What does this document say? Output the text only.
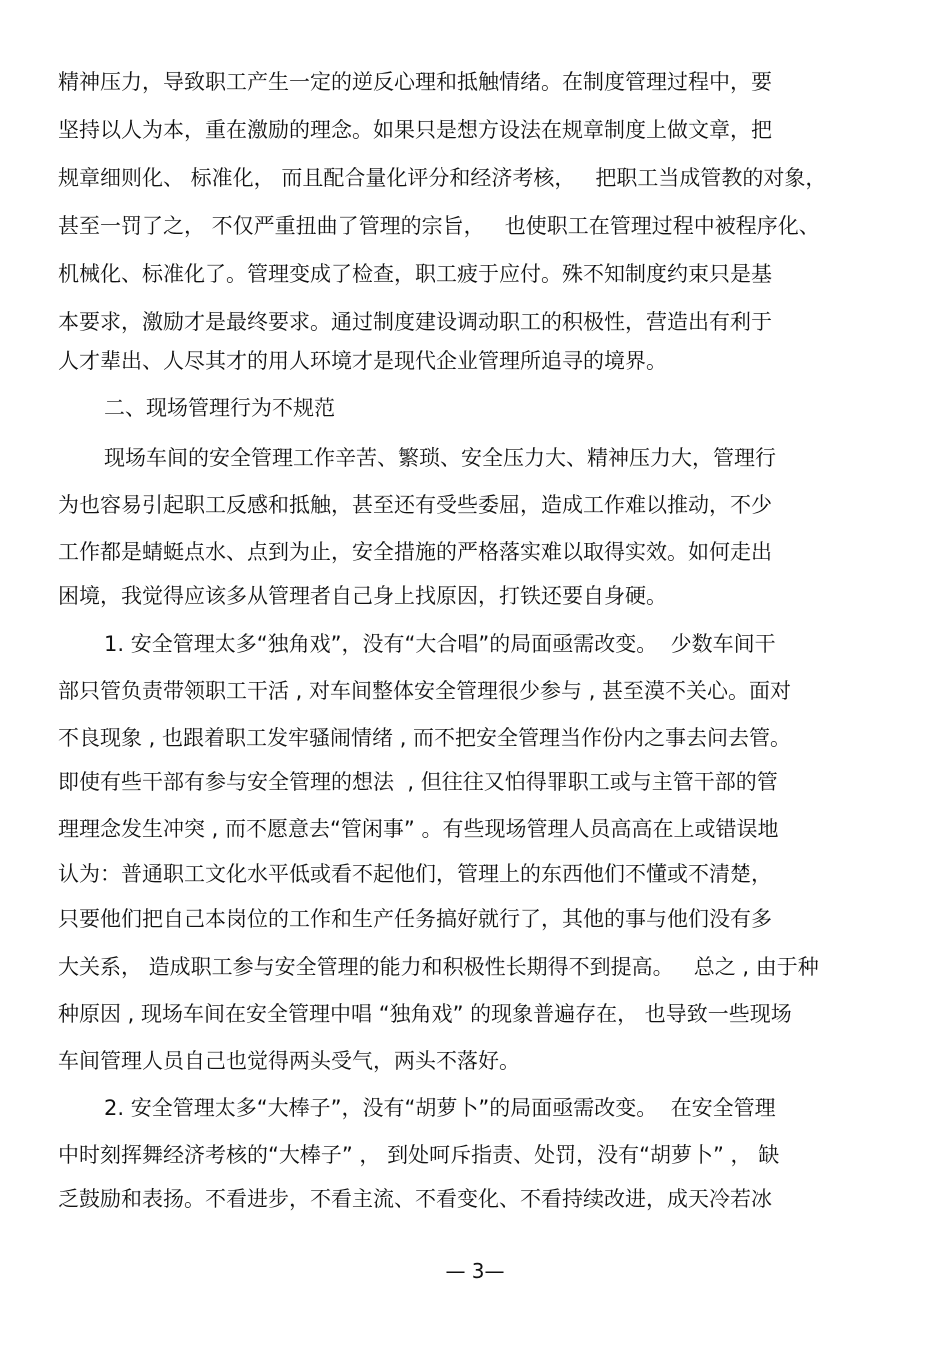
精神压力，导致职工产生一定的逆反心理和抵触情绪。在制度管理过程中，要
坚持以人为本，重在激励的理念。如果只是想方设法在规章制度上做文章，把
规章细则化、 标准化， 而且配合量化评分和经济考核，   把职工当成管教的对象，
甚至一罚了之， 不仅严重扭曲了管理的宗旨，   也使职工在管理过程中被程序化、
机械化、标准化了。管理变成了检查，职工疲于应付。殊不知制度约束只是基
本要求，激励才是最终要求。通过制度建设调动职工的积极性，营造出有利于
人才辈出、人尽其才的用人环境才是现代企业管理所追寻的境界。
二、现场管理行为不规范
现场车间的安全管理工作辛苦、繁琐、安全压力大、精神压力大，管理行
为也容易引起职工反感和抵触，甚至还有受些委屈，造成工作难以推动，不少
工作都是蜻蜓点水、点到为止，安全措施的严格落实难以取得实效。如何走出
困境，我觉得应该多从管理者自己身上找原因，打铁还要自身硬。
1. 安全管理太多“独角戏”，没有“大合唱”的局面亟需改变。  少数车间干
部只管负责带领职工干活 , 对车间整体安全管理很少参与 , 甚至漠不关心。面对
不良现象 , 也跟着职工发牢骚闹情绪 , 而不把安全管理当作份内之事去问去管。
即使有些干部有参与安全管理的想法  , 但往往又怕得罪职工或与主管干部的管
理理念发生冲突 , 而不愿意去“管闲事” 。有些现场管理人员高高在上或错误地
认为：普通职工文化水平低或看不起他们，管理上的东西他们不懂或不清楚，
只要他们把自己本岗位的工作和生产任务搞好就行了，其他的事与他们没有多
大关系， 造成职工参与安全管理的能力和积极性长期得不到提高。   总之 , 由于种
种原因 , 现场车间在安全管理中唱 “独角戏” 的现象普遍存在， 也导致一些现场
车间管理人员自己也觉得两头受气，两头不落好。
2. 安全管理太多“大棒子”，没有“胡萝卜”的局面亟需改变。  在安全管理
中时刻挥舞经济考核的“大棒子” ， 到处呵斥指责、处罚，没有“胡萝卜” ， 缺
乏鼓励和表扬。不看进步，不看主流、不看变化、不看持续改进，成天冷若冰
— 3—
